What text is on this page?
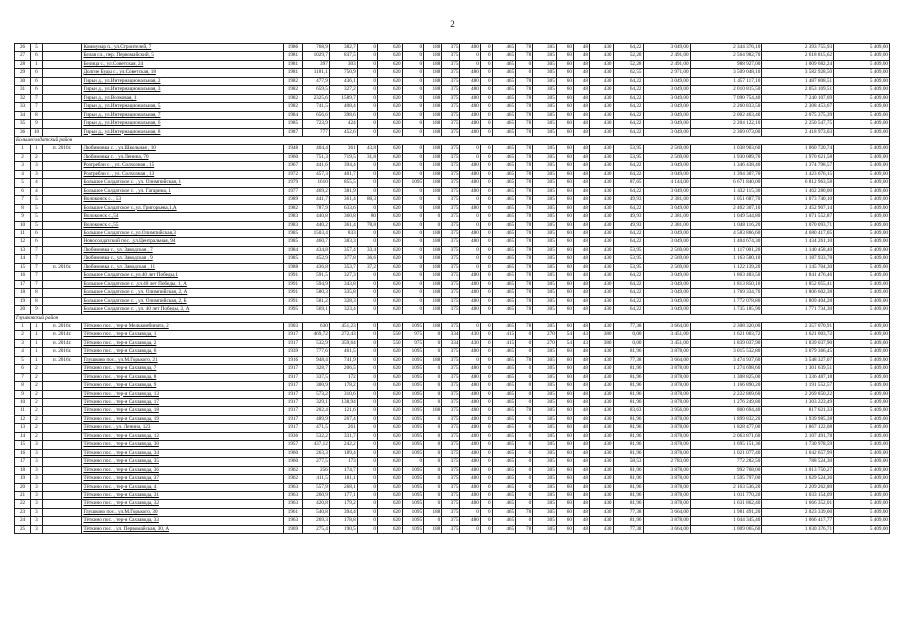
2
26	5		Коммунар п., ул.Строителей, 7	1986	768,9	382,7	0	620	0	188	375	480	0	465	78	305	60	48	430	64,22	3 049,00	2 344 376,10	2 393 755,93	5 409,00
27	6		Белая сл., пер. Первомайский, 5	1981	1029,7	837,5	0	620	0	188	375	0	0	465	78	305	60	48	430	52,28	2 491,00	2 564 982,70	2 618 815,62	5 409,00
28	1		Белица с., ул.Советская, 24	1981	397	303	0	620	0	188	375	0	0	465	0	305	60	48	430	52,28	2 491,00	988 927,00	1 009 682,24	5 409,00
29	6		Долгие Буды с., ул.Советская, 18	1981	1181,1	750,9	0	620	0	188	375	480	0	465	0	305	60	48	430	62,55	2 971,00	3 509 048,10	3 582 928,50	5 409,00
30	6		Гирьи д., ул.Интернациональная, 2	1982	477,9	436,1	0	620	0	188	375	480	0	465	78	305	60	48	430	64,22	3 049,00	1 457 117,10	1 487 808,51	5 409,00
31	6		Гирьи д., ул.Интернациональная, 3	1982	659,5	327,2	0	620	0	188	375	480	0	465	78	305	60	48	430	64,22	3 049,00	2 010 815,50	2 053 169,51	5 409,00
32	7		Гирьи д., ул.Волковая, 1	1982	2325,6	1589,7	0	620	0	188	375	480	0	465	78	305	60	48	430	64,22	3 049,00	7 090 754,40	7 240 107,69	5 409,00
33	7		Гирьи д., ул.Интернациональная, 5	1982	741,5	408,4	0	620	0	188	375	480	0	465	78	305	60	48	430	64,22	3 049,00	2 260 833,50	2 308 453,67	5 409,00
34	8		Гирьи д., ул.Интернациональная, 7	1984	656,6	398,6	0	620	0	188	375	480	0	465	78	305	60	48	430	64,22	3 049,00	2 002 463,40	2 075 375,39	5 409,00
35	9		Гирьи д., ул.Интернациональная, 6	1985	723,9	424	0	620	0	188	375	480	0	465	78	305	60	48	430	64,22	3 049,00	2 204 122,10	2 250 547,75	5 409,00
36	10		Гирьи д., ул.Интернациональная, 8	1987	777	452,6	0	620	0	188	375	480	0	465	78	305	60	48	430	64,22	3 049,00	2 369 073,00	2 418 973,03	5 409,00
Большесолдатский район																								
1	1	п. 2016г.	Любимовка с. , ул.Школьная , 10	1948	404,4	361	43,8	620	0	188	375	0	0	465	78	305	60	48	430	53,95	2 569,00	1 038 903,60	1 060 720,74	5 409,00
2	2		Любимовка с. , ул.Ленина, 70	1960	751,3	719,5	31,8	620	0	188	375	0	0	465	78	305	60	48	430	53,95	2 569,00	1 930 089,70	1 970 621,58	5 409,00
3	3		Розгребли с. , ул. Солхозная , 15	1967	441,6	394,4	0	620	0	188	375	480	0	465	78	305	60	48	430	64,22	3 049,00	1 346 438,40	1 374 798,57	5 409,00
4	3		Розгребли с. , ул. Солхозная , 13	1972	457,3	401,7	0	620	0	188	375	480	0	465	78	305	60	48	430	64,22	3 049,00	1 394 307,70	1 423 676,15	5 409,00
5	4		Большое Солдатское с. , ул. Олимпийская, 1	1979	1610	855,5	0	620	1095	188	375	480	0	465	78	305	60	48	430	87,65	4 144,00	6 671 840,00	6 812 963,58	5 409,00
6	4		Большое Солдатское с. , ул. Гагарина, 1	1977	469,2	381,9	0	620	0	188	375	480	0	465	78	305	60	48	430	64,22	3 049,00	1 432 115,30	1 462 280,00	5 409,00
7	5		Волоконск с. , 53	1989	441,7	361,4	80,3	620	0	0	375	0	0	465	78	305	60	48	430	49,93	2 381,00	1 051 687,70	1 073 740,10	5 409,00
8	5		Большое Солдатское с.,ул. Григорьева,1,А	1982	787,9	633,6	0	620	0	188	375	480	0	465	78	305	60	48	430	64,22	3 049,00	2 402 307,10	2 452 907,14	5 409,00
9	5		Волоконск с.,54	1983	440,8	360,8	80	620	0	0	375	0	0	465	78	305	60	48	430	49,93	2 381,00	1 049 544,80	1 071 552,87	5 409,00
10	5		Волоконск с.,55	1983	440,2	361,4	78,8	620	0	0	375	0	0	465	78	305	60	48	430	49,93	2 381,00	1 048 116,20	1 070 093,71	5 409,00
11	6		Большое Солдатское с.,ул.Олимпийская,3	1985	1503,4	833	0	620	0	188	375	480	0	465	78	305	60	48	430	64,22	3 049,00	4 583 866,60	4 680 417,05	5 409,00
12	6		Новосолдатский пос. ,ул.Центральная, 94	1985	460,7	383,3	0	620	0	188	375	480	0	465	78	305	60	48	430	64,22	3 049,00	1 404 674,30	1 434 261,10	5 409,00
13	7		Любимовка с., ул. Заводская , 7	1984	434,8	357,4	33,4	620	0	188	375	0	0	465	78	305	60	48	430	53,95	2 569,00	1 117 001,20	1 140 458,40	5 409,00
14	7		Любимовка с., ул. Заводская , 9	1985	452,9	377,8	36,6	620	0	188	375	0	0	465	78	305	60	48	430	53,95	2 569,00	1 163 500,10	1 187 933,78	5 409,00
15	7	п. 2016г.	Любимовка с., ул. Заводская , 11	1988	436,8	353,7	37,2	620	0	188	375	0	0	465	78	305	60	48	430	53,95	2 569,00	1 122 139,20	1 145 704,30	5 409,00
16	7		Большое Солдатское с.,ул.40 лет Победы,1	1991	591,5	327,3	0	620	0	188	375	480	0	465	78	305	60	48	430	64,22	3 049,00	1 803 483,50	1 841 476,46	5 409,00
17	7		Большое Солдатское с. ,ул.40 лет Победы, 1, А	1991	594,9	343,8	0	620	0	188	375	480	0	465	78	305	60	48	430	64,22	3 049,00	1 813 850,10	1 852 055,41	5 409,00
18	8		Большое Солдатское с. , ул. Олимпийская, 2, А	1991	580,3	335,8	0	620	0	188	375	480	0	465	78	305	60	48	430	64,22	3 049,00	1 769 334,70	1 806 602,38	5 409,00
19	8		Большое Солдатское с. , ул. Олимпийская, 2, Б	1991	581,2	328,3	0	620	0	188	375	480	0	465	78	305	60	48	430	64,22	3 049,00	1 772 078,80	1 809 404,28	5 409,00
20	9		Большое Солдатское с. , ул. 40 лет Победы, 2, А	1995	569,1	323,4	0	620	0	188	375	480	0	465	78	305	60	48	430	64,22	3 049,00	1 735 185,90	1 771 734,30	5 409,00
Глушковский район																								
1	1	п. 2016г.	Тёткино пос. , тер-я Мелькомбината, 2	1903	630	451,23	0	620	1095	188	375	0	0	465	78	305	60	48	430	77,38	3 664,00	2 308 320,00	2 357 070,91	5 409,00
2	1	п. 2014г.	Тёткино пос. , тер-я Сахзавода, 1	1917	469,72	272,43	0	550	975	0	334	430	0	415	0	270	54	43	380	0,00	3 451,00	1 621 003,72	1 621 003,72	5 409,00
3	1	п. 2014г.	Тёткино пос. , тер-я Сахзавода, 2	1917	532,9	359,64	0	550	975	0	334	430	0	415	0	270	54	43	380	0,00	3 451,00	1 839 037,90	1 839 037,90	5 409,00
4	1	п. 2016г.	Тёткино пос. , тер-я Сахзавода, 6	1939	777,6	461,5	0	620	1095	0	375	480	0	465	0	305	60	48	430	81,96	3 878,00	3 015 532,80	3 079 366,45	5 409,00
5	1	п. 2016г.	Глушково пос., ул.М.Горького, 21	1916	948,4	741,9	0	620	1095	188	375	0	0	465	78	305	60	48	430	77,38	3 664,00	3 474 937,60	3 548 327,07	5 409,00
6	2		Тёткино пос. , тер-я Сахзавода, 7	1917	328,7	206,5	0	620	1095	0	375	480	0	465	0	305	60	48	430	81,96	3 878,00	1 274 698,60	1 301 639,51	5 409,00
7	2		Тёткино пос. , тер-я Сахзавода, 8	1917	337,5	172	0	620	1095	0	375	480	0	465	0	305	60	48	430	81,96	3 878,00	1 308 825,00	1 336 487,18	5 409,00
8	2		Тёткино пос. , тер-я Сахзавода, 9	1917	300,9	178,2	0	620	1095	0	375	480	0	465	0	305	60	48	430	81,96	3 878,00	1 166 890,20	1 191 552,57	5 409,00
9	2		Тёткино пос. , тер-я Сахзавода, 13	1917	573,2	310,6	0	620	1095	0	375	480	0	465	0	305	60	48	430	81,96	3 878,00	2 222 869,60	2 269 850,22	5 409,00
10	2		Тёткино пос. , тер-я Сахзавода, 17	1917	329,1	138,94	0	620	1095	0	375	480	0	465	0	305	60	48	430	81,96	3 878,00	1 276 249,80	1 303 223,49	5 409,00
11	2		Тёткино пос. , тер-я Сахзавода, 18	1917	202,4	121,6	0	620	1095	188	375	480	0	465	78	305	60	48	430	83,63	3 956,00	800 694,40	817 621,33	5 409,00
12	2		Тёткино пос. , тер-я Сахзавода, 19	1917	489,9	267,4	0	620	1095	0	375	480	0	465	0	305	60	48	430	81,96	3 878,00	1 899 832,20	1 939 985,38	5 409,00
13	2		Тёткино пос. , ул. Ленина, 123	1917	471,5	261	0	620	1095	0	375	480	0	465	0	305	60	48	430	81,96	3 878,00	1 828 477,00	1 867 122,08	5 409,00
14	2		Тёткино пос. , тер-я Сахзавода, 12	1936	532,2	331,7	0	620	1095	0	375	480	0	465	0	305	60	48	430	81,96	3 878,00	2 063 871,60	2 107 491,78	5 409,00
15	3		Тёткино пос. , тер-я Сахзавода, 30	1957	437,12	242,2	0	620	1095	0	375	480	0	465	0	305	60	48	430	81,96	3 878,00	1 695 151,36	1 730 978,59	5 409,00
16	3		Тёткино пос. , тер-я Сахзавода, 34	1960	263,3	189,4	0	620	1095	0	375	480	0	465	0	305	60	48	430	81,96	3 878,00	1 021 077,40	1 042 657,99	5 409,00
17	3		Тёткино пос. , тер-я Сахзавода, 35	1960	277,5	173	0	620	0	0	375	480	0	465	0	305	60	48	430	58,53	2 783,00	772 282,50	788 524,30	5 409,00
18	3		Тёткино пос. , тер-я Сахзавода, 36	1962	256	174,7	0	620	1095	0	375	480	0	465	0	305	60	48	430	81,96	3 878,00	992 768,00	1 013 750,27	5 409,00
19	3		Тёткино пос. , тер-я Сахзавода, 37	1962	411,5	181,1	0	620	1095	0	375	480	0	465	0	305	60	48	430	81,96	3 878,00	1 595 797,00	1 629 524,36	5 409,00
20	3		Тёткино пос. , тер-я Сахзавода, 4	1963	557,9	268,1	0	620	1095	0	375	480	0	465	0	305	60	48	430	81,96	3 878,00	2 163 536,20	2 209 262,80	5 409,00
21	3		Тёткино пос. , тер-я Сахзавода, 31	1963	260,9	177,1	0	620	1095	0	375	480	0	465	0	305	60	48	430	81,96	3 878,00	1 011 770,20	1 033 154,09	5 409,00
22	3		Тёткино пос. , тер-я Сахзавода, 32	1963	420,8	179,2	0	620	1095	0	375	480	0	465	0	305	60	48	430	81,96	3 878,00	1 631 862,40	1 666 352,01	5 409,00
23	3		Глушково пос., ул.М.Горького, 30	1961	540,8	394,4	0	620	1095	188	375	0	0	465	78	305	60	48	430	77,38	3 664,00	1 981 491,20	2 023 339,00	5 409,00
24	3		Тёткино пос. , тер-я Сахзавода, 33	1963	269,3	178,8	0	620	1095	0	375	480	0	465	0	305	60	48	430	81,96	3 878,00	1 044 345,40	1 066 417,77	5 409,00
25	3		Тёткино пос. , ул. Первомайская, 30, А	1969	275,4	190,5	0	620	1095	188	375	0	0	465	78	305	60	48	430	77,38	3 664,00	1 009 065,60	1 030 376,71	5 409,00
